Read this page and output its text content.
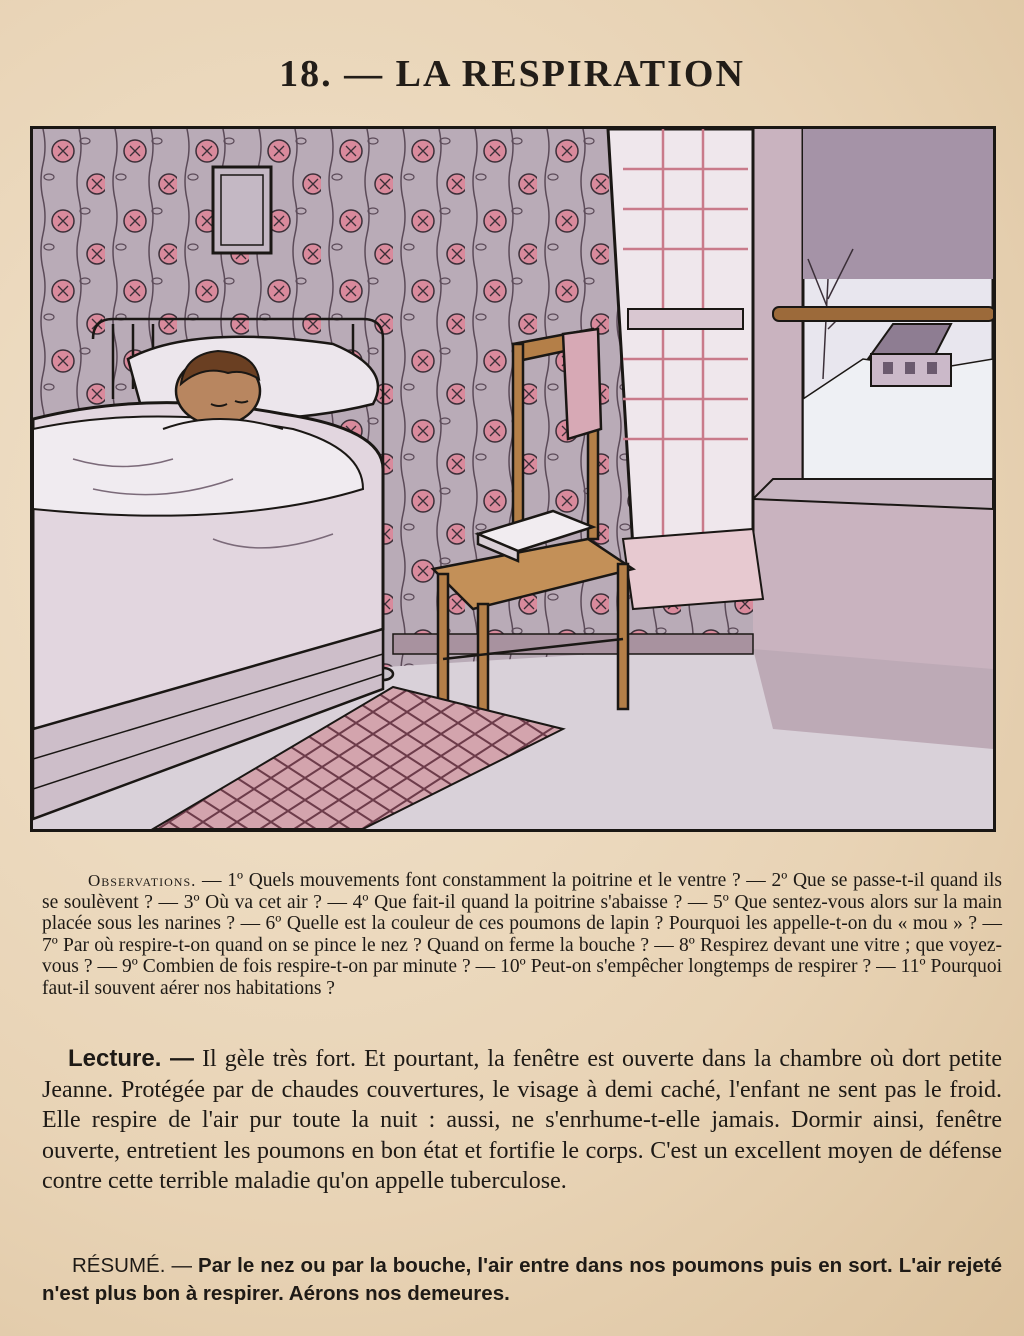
18. — LA RESPIRATION
Observations. — 1º Quels mouvements font constamment la poitrine et le ventre ? — 2º Que se passe-t-il quand ils se soulèvent ? — 3º Où va cet air ? — 4º Que fait-il quand la poitrine s'abaisse ? — 5º Que sentez-vous alors sur la main placée sous les narines ? — 6º Quelle est la couleur de ces poumons de lapin ? Pourquoi les appelle-t-on du « mou » ? — 7º Par où respire-t-on quand on se pince le nez ? Quand on ferme la bouche ? — 8º Respirez devant une vitre ; que voyez-vous ? — 9º Combien de fois respire-t-on par minute ? — 10º Peut-on s'empêcher longtemps de respirer ? — 11º Pourquoi faut-il souvent aérer nos habitations ?
Lecture. — Il gèle très fort. Et pourtant, la fenêtre est ouverte dans la chambre où dort petite Jeanne. Protégée par de chaudes couvertures, le visage à demi caché, l'enfant ne sent pas le froid. Elle respire de l'air pur toute la nuit : aussi, ne s'enrhume-t-elle jamais. Dormir ainsi, fenêtre ouverte, entretient les poumons en bon état et fortifie le corps. C'est un excellent moyen de défense contre cette terrible maladie qu'on appelle tuberculose.
RÉSUMÉ. — Par le nez ou par la bouche, l'air entre dans nos poumons puis en sort. L'air rejeté n'est plus bon à respirer. Aérons nos demeures.
